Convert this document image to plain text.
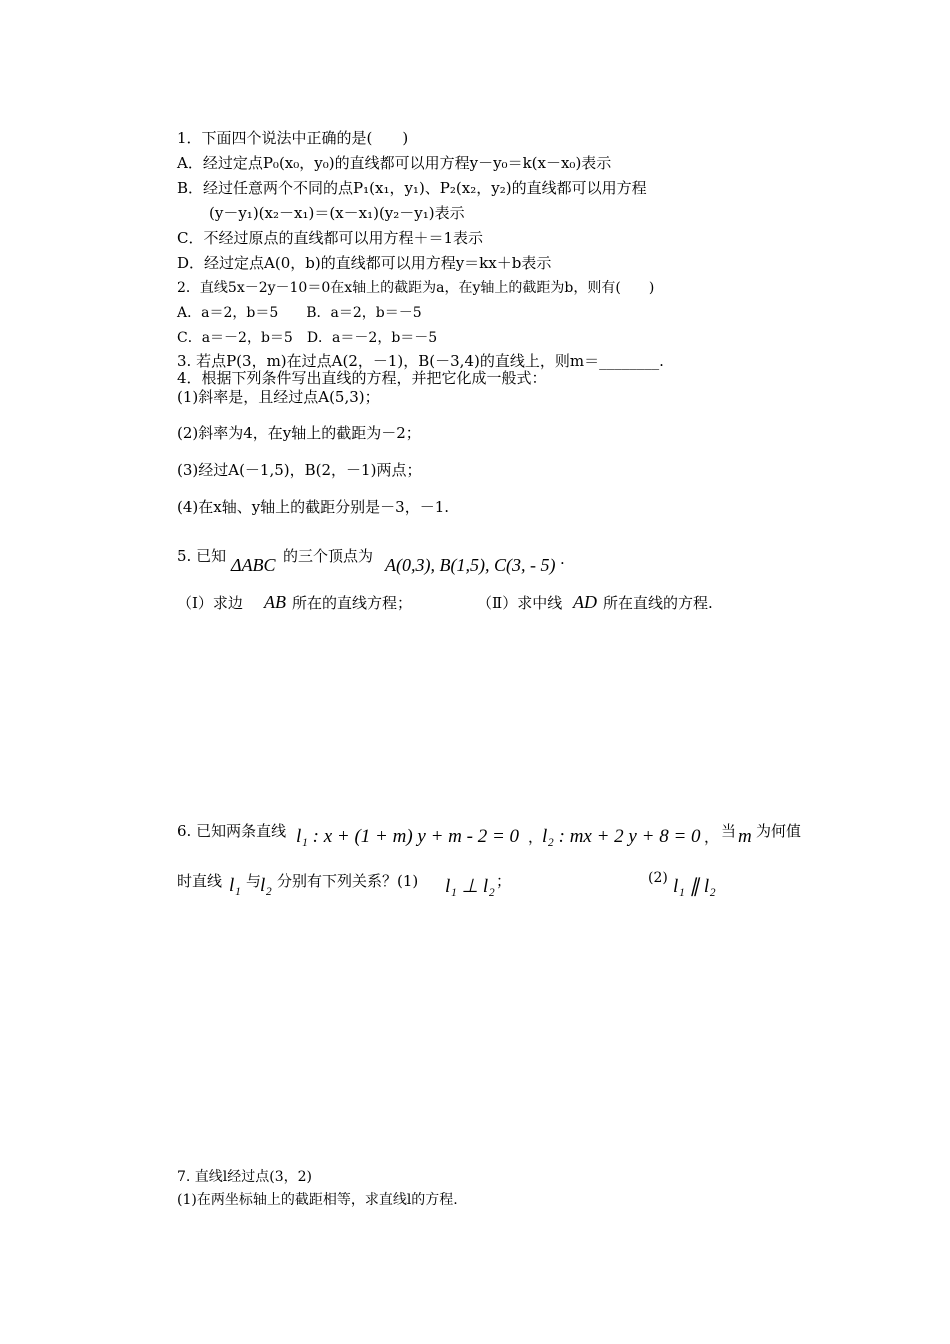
1．下面四个说法中正确的是(　　)
A．经过定点P₀(x₀，y₀)的直线都可以用方程y－y₀＝k(x－x₀)表示
B．经过任意两个不同的点P₁(x₁，y₁)、P₂(x₂，y₂)的直线都可以用方程
(y－y₁)(x₂－x₁)＝(x－x₁)(y₂－y₁)表示
C．不经过原点的直线都可以用方程＋＝1表示
D．经过定点A(0，b)的直线都可以用方程y＝kx＋b表示
2．直线5x－2y－10＝0在x轴上的截距为a，在y轴上的截距为b，则有(　　)
A．a＝2，b＝5　　B．a＝2，b＝－5
C．a＝－2，b＝5　D．a＝－2，b＝－5
3. 若点P(3，m)在过点A(2，－1)，B(－3,4)的直线上，则m＝________.
4．根据下列条件写出直线的方程，并把它化成一般式：
(1)斜率是，且经过点A(5,3)；
(2)斜率为4，在y轴上的截距为－2；
(3)经过A(－1,5)，B(2，－1)两点；
(4)在x轴、y轴上的截距分别是－3，－1.
5. 已知 ΔABC 的三个顶点为 A(0,3), B(1,5), C(3, - 5) .
（Ⅰ）求边 AB 所在的直线方程；	（Ⅱ）求中线 AD 所在直线的方程.
6. 已知两条直线 l₁ : x + (1 + m) y + m - 2 = 0 ，
l₂ : mx + 2 y + 8 = 0 ， 当 m 为何值
时直线 l₁ 与
l₂ 分别有下列关系？(1) l₁ ⊥ l₂ ；	(2) l₁ ∥ l₂
7. 直线l经过点(3，2)
(1)在两坐标轴上的截距相等，求直线l的方程.
